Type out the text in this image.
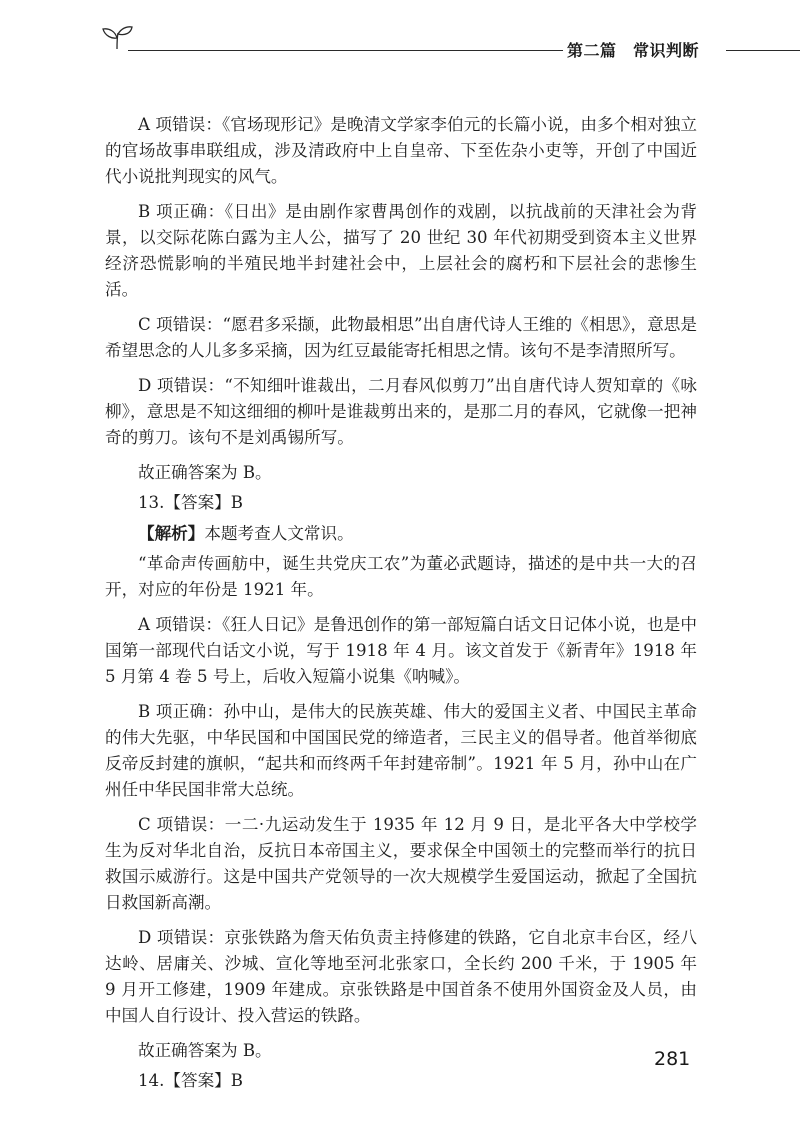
第二篇　常识判断

A 项错误：《官场现形记》是晚清文学家李伯元的长篇小说，由多个相对独立的官场故事串联组成，涉及清政府中上自皇帝、下至佐杂小吏等，开创了中国近代小说批判现实的风气。

B 项正确：《日出》是由剧作家曹禺创作的戏剧，以抗战前的天津社会为背景，以交际花陈白露为主人公，描写了 20 世纪 30 年代初期受到资本主义世界经济恐慌影响的半殖民地半封建社会中，上层社会的腐朽和下层社会的悲惨生活。

C 项错误：“愿君多采撷，此物最相思”出自唐代诗人王维的《相思》，意思是希望思念的人儿多多采摘，因为红豆最能寄托相思之情。该句不是李清照所写。

D 项错误：“不知细叶谁裁出，二月春风似剪刀”出自唐代诗人贺知章的《咏柳》，意思是不知这细细的柳叶是谁裁剪出来的，是那二月的春风，它就像一把神奇的剪刀。该句不是刘禹锡所写。

故正确答案为 B。

13.【答案】B

【解析】本题考查人文常识。

“革命声传画舫中，诞生共党庆工农”为董必武题诗，描述的是中共一大的召开，对应的年份是 1921 年。

A 项错误：《狂人日记》是鲁迅创作的第一部短篇白话文日记体小说，也是中国第一部现代白话文小说，写于 1918 年 4 月。该文首发于《新青年》1918 年 5 月第 4 卷 5 号上，后收入短篇小说集《呐喊》。

B 项正确：孙中山，是伟大的民族英雄、伟大的爱国主义者、中国民主革命的伟大先驱，中华民国和中国国民党的缔造者，三民主义的倡导者。他首举彻底反帝反封建的旗帜，“起共和而终两千年封建帝制”。1921 年 5 月，孙中山在广州任中华民国非常大总统。

C 项错误：一二·九运动发生于 1935 年 12 月 9 日，是北平各大中学校学生为反对华北自治，反抗日本帝国主义，要求保全中国领土的完整而举行的抗日救国示威游行。这是中国共产党领导的一次大规模学生爱国运动，掀起了全国抗日救国新高潮。

D 项错误：京张铁路为詹天佑负责主持修建的铁路，它自北京丰台区，经八达岭、居庸关、沙城、宣化等地至河北张家口，全长约 200 千米，于 1905 年 9 月开工修建，1909 年建成。京张铁路是中国首条不使用外国资金及人员，由中国人自行设计、投入营运的铁路。

故正确答案为 B。

14.【答案】B

281
